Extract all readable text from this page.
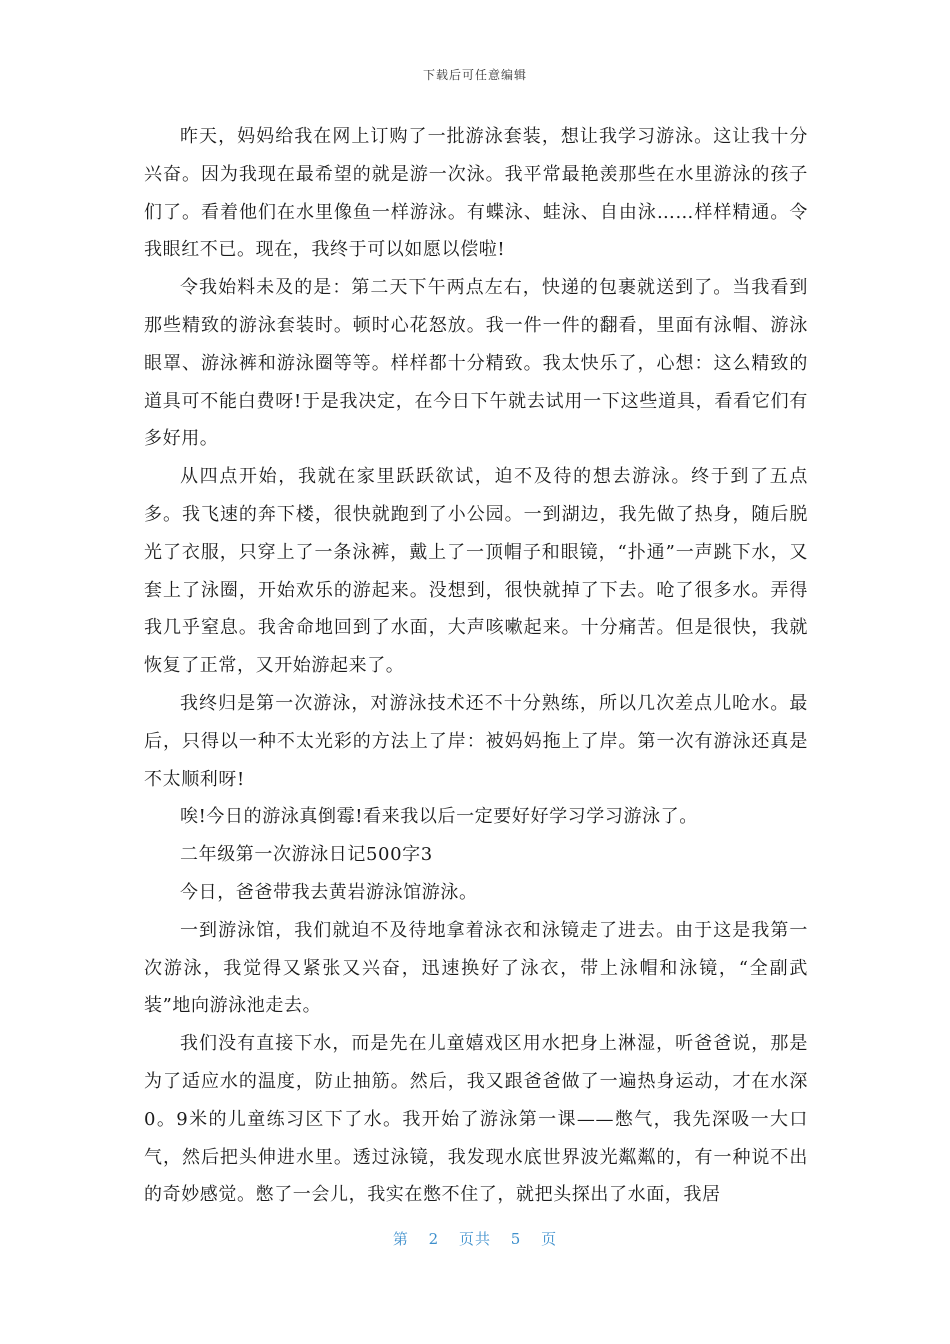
下载后可任意编辑

昨天，妈妈给我在网上订购了一批游泳套装，想让我学习游泳。这让我十分兴奋。因为我现在最希望的就是游一次泳。我平常最艳羡那些在水里游泳的孩子们了。看着他们在水里像鱼一样游泳。有蝶泳、蛙泳、自由泳……样样精通。令我眼红不已。现在，我终于可以如愿以偿啦!

令我始料未及的是：第二天下午两点左右，快递的包裹就送到了。当我看到那些精致的游泳套装时。顿时心花怒放。我一件一件的翻看，里面有泳帽、游泳眼罩、游泳裤和游泳圈等等。样样都十分精致。我太快乐了，心想：这么精致的道具可不能白费呀!于是我决定，在今日下午就去试用一下这些道具，看看它们有多好用。

从四点开始，我就在家里跃跃欲试，迫不及待的想去游泳。终于到了五点多。我飞速的奔下楼，很快就跑到了小公园。一到湖边，我先做了热身，随后脱光了衣服，只穿上了一条泳裤，戴上了一顶帽子和眼镜，“扑通”一声跳下水，又套上了泳圈，开始欢乐的游起来。没想到，很快就掉了下去。呛了很多水。弄得我几乎窒息。我舍命地回到了水面，大声咳嗽起来。十分痛苦。但是很快，我就恢复了正常，又开始游起来了。

我终归是第一次游泳，对游泳技术还不十分熟练，所以几次差点儿呛水。最后，只得以一种不太光彩的方法上了岸：被妈妈拖上了岸。第一次有游泳还真是不太顺利呀!

唉!今日的游泳真倒霉!看来我以后一定要好好学习学习游泳了。

二年级第一次游泳日记500字3

今日，爸爸带我去黄岩游泳馆游泳。

一到游泳馆，我们就迫不及待地拿着泳衣和泳镜走了进去。由于这是我第一次游泳，我觉得又紧张又兴奋，迅速换好了泳衣，带上泳帽和泳镜，“全副武装”地向游泳池走去。

我们没有直接下水，而是先在儿童嬉戏区用水把身上淋湿，听爸爸说，那是为了适应水的温度，防止抽筋。然后，我又跟爸爸做了一遍热身运动，才在水深0。9米的儿童练习区下了水。我开始了游泳第一课——憋气，我先深吸一大口气，然后把头伸进水里。透过泳镜，我发现水底世界波光粼粼的，有一种说不出的奇妙感觉。憋了一会儿，我实在憋不住了，就把头探出了水面，我居

第 2 页共 5 页
